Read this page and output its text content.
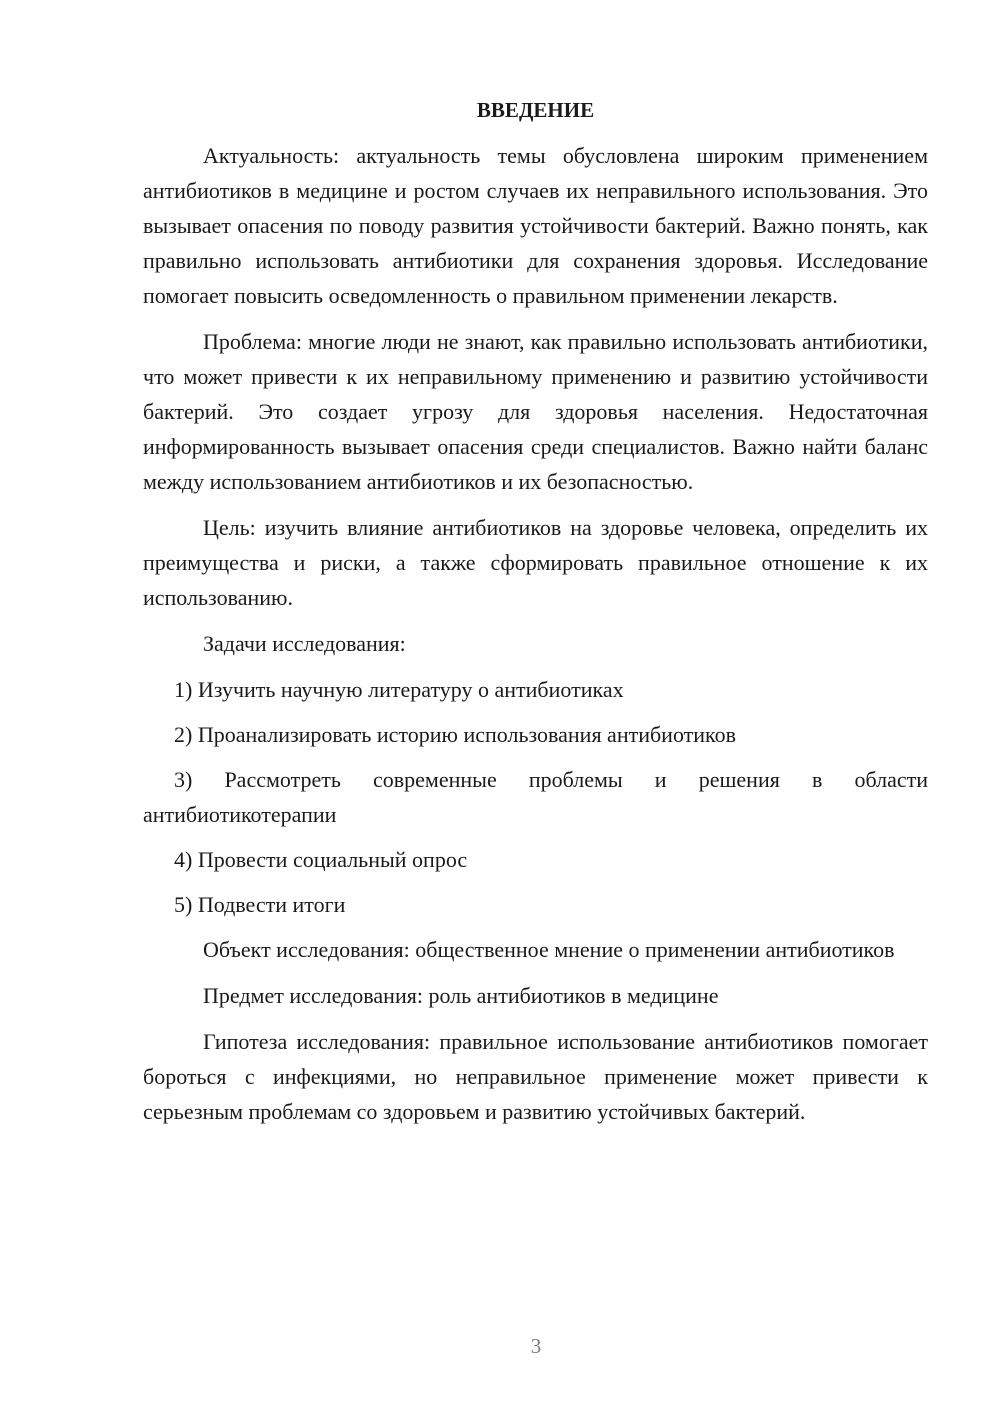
ВВЕДЕНИЕ

Актуальность: актуальность темы обусловлена широким применением антибиотиков в медицине и ростом случаев их неправильного использования. Это вызывает опасения по поводу развития устойчивости бактерий. Важно понять, как правильно использовать антибиотики для сохранения здоровья. Исследование помогает повысить осведомленность о правильном применении лекарств.

Проблема: многие люди не знают, как правильно использовать антибиотики, что может привести к их неправильному применению и развитию устойчивости бактерий. Это создает угрозу для здоровья населения. Недостаточная информированность вызывает опасения среди специалистов. Важно найти баланс между использованием антибиотиков и их безопасностью.

Цель: изучить влияние антибиотиков на здоровье человека, определить их преимущества и риски, а также сформировать правильное отношение к их использованию.

Задачи исследования:

1) Изучить научную литературу о антибиотиках

2) Проанализировать историю использования антибиотиков

3) Рассмотреть современные проблемы и решения в области антибиотикотерапии

4) Провести социальный опрос

5) Подвести итоги

Объект исследования: общественное мнение о применении антибиотиков

Предмет исследования: роль антибиотиков в медицине

Гипотеза исследования: правильное использование антибиотиков помогает бороться с инфекциями, но неправильное применение может привести к серьезным проблемам со здоровьем и развитию устойчивых бактерий.

3
